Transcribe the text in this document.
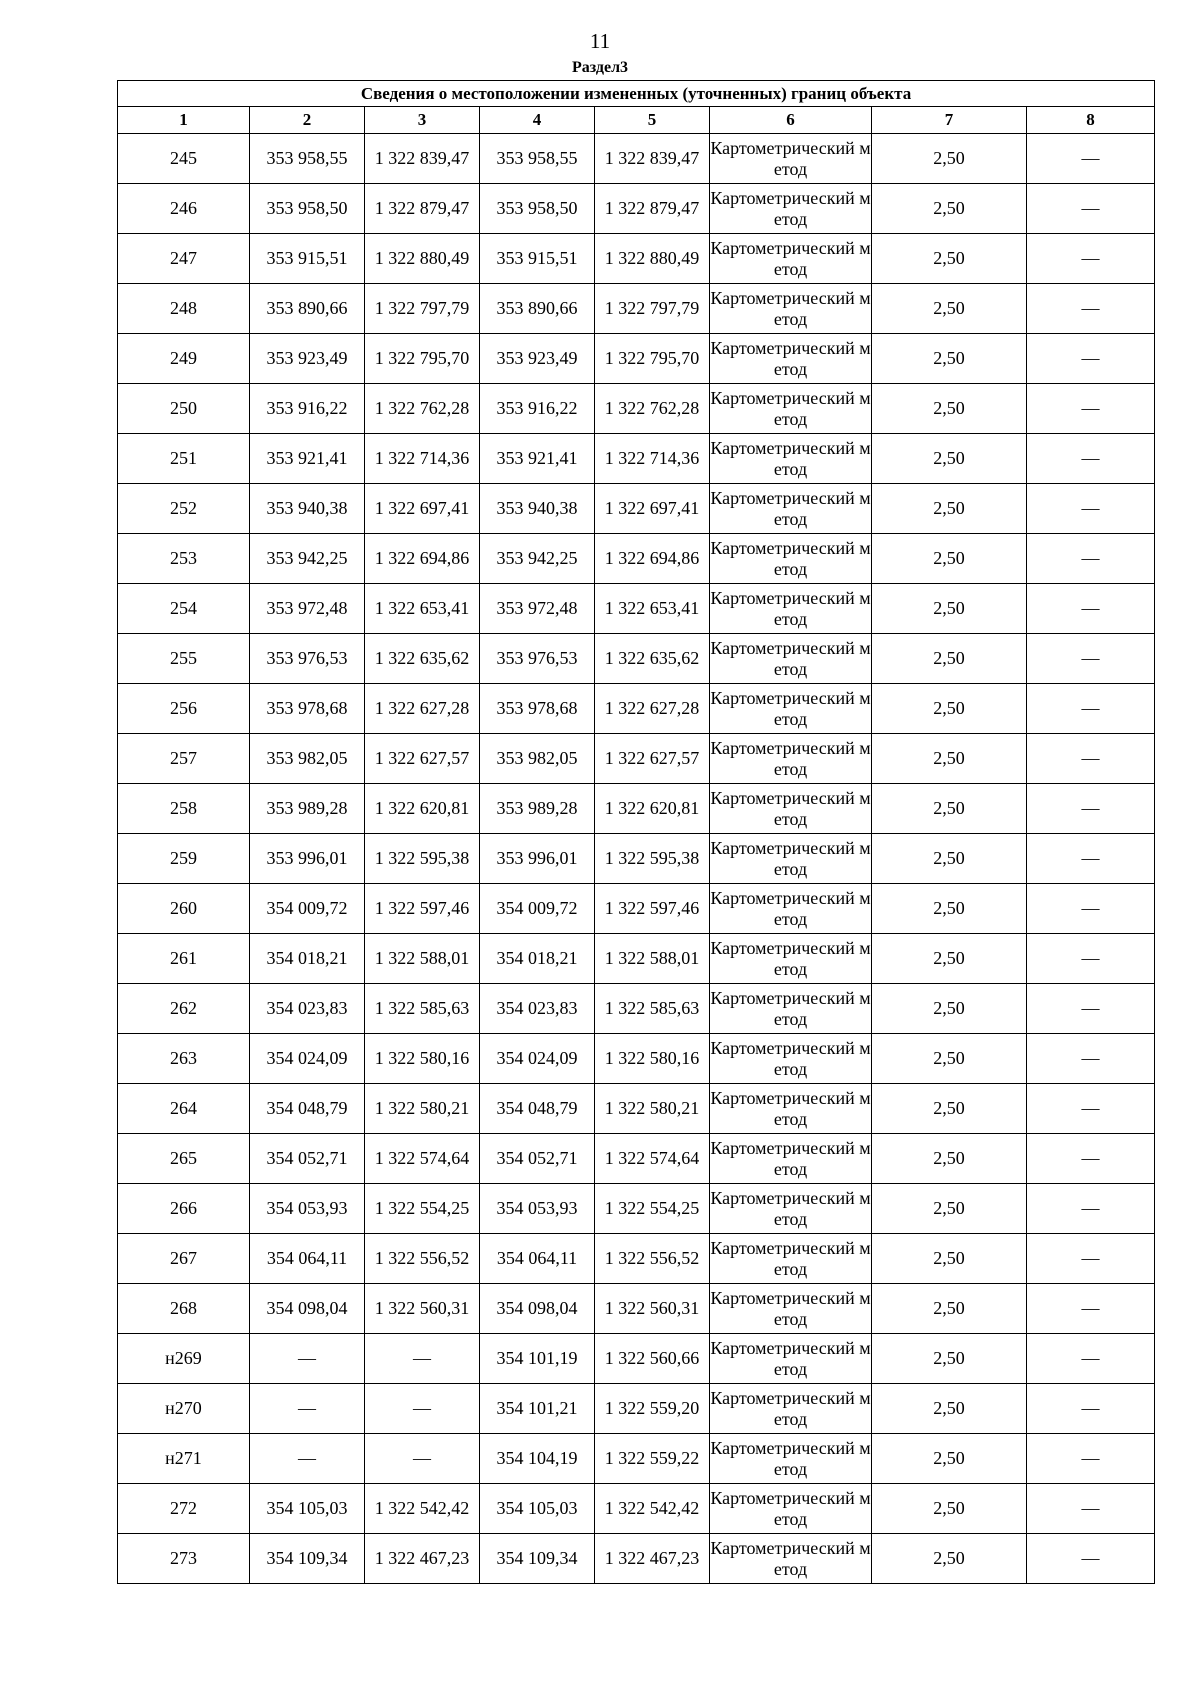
11
Раздел3
Сведения о местоположении измененных (уточненных) границ объекта							
1	2	3	4	5	6	7	8
245	353 958,55	1 322 839,47	353 958,55	1 322 839,47	Картометрический метод	2,50	—
246	353 958,50	1 322 879,47	353 958,50	1 322 879,47	Картометрический метод	2,50	—
247	353 915,51	1 322 880,49	353 915,51	1 322 880,49	Картометрический метод	2,50	—
248	353 890,66	1 322 797,79	353 890,66	1 322 797,79	Картометрический метод	2,50	—
249	353 923,49	1 322 795,70	353 923,49	1 322 795,70	Картометрический метод	2,50	—
250	353 916,22	1 322 762,28	353 916,22	1 322 762,28	Картометрический метод	2,50	—
251	353 921,41	1 322 714,36	353 921,41	1 322 714,36	Картометрический метод	2,50	—
252	353 940,38	1 322 697,41	353 940,38	1 322 697,41	Картометрический метод	2,50	—
253	353 942,25	1 322 694,86	353 942,25	1 322 694,86	Картометрический метод	2,50	—
254	353 972,48	1 322 653,41	353 972,48	1 322 653,41	Картометрический метод	2,50	—
255	353 976,53	1 322 635,62	353 976,53	1 322 635,62	Картометрический метод	2,50	—
256	353 978,68	1 322 627,28	353 978,68	1 322 627,28	Картометрический метод	2,50	—
257	353 982,05	1 322 627,57	353 982,05	1 322 627,57	Картометрический метод	2,50	—
258	353 989,28	1 322 620,81	353 989,28	1 322 620,81	Картометрический метод	2,50	—
259	353 996,01	1 322 595,38	353 996,01	1 322 595,38	Картометрический метод	2,50	—
260	354 009,72	1 322 597,46	354 009,72	1 322 597,46	Картометрический метод	2,50	—
261	354 018,21	1 322 588,01	354 018,21	1 322 588,01	Картометрический метод	2,50	—
262	354 023,83	1 322 585,63	354 023,83	1 322 585,63	Картометрический метод	2,50	—
263	354 024,09	1 322 580,16	354 024,09	1 322 580,16	Картометрический метод	2,50	—
264	354 048,79	1 322 580,21	354 048,79	1 322 580,21	Картометрический метод	2,50	—
265	354 052,71	1 322 574,64	354 052,71	1 322 574,64	Картометрический метод	2,50	—
266	354 053,93	1 322 554,25	354 053,93	1 322 554,25	Картометрический метод	2,50	—
267	354 064,11	1 322 556,52	354 064,11	1 322 556,52	Картометрический метод	2,50	—
268	354 098,04	1 322 560,31	354 098,04	1 322 560,31	Картометрический метод	2,50	—
н269	—	—	354 101,19	1 322 560,66	Картометрический метод	2,50	—
н270	—	—	354 101,21	1 322 559,20	Картометрический метод	2,50	—
н271	—	—	354 104,19	1 322 559,22	Картометрический метод	2,50	—
272	354 105,03	1 322 542,42	354 105,03	1 322 542,42	Картометрический метод	2,50	—
273	354 109,34	1 322 467,23	354 109,34	1 322 467,23	Картометрический метод	2,50	—
